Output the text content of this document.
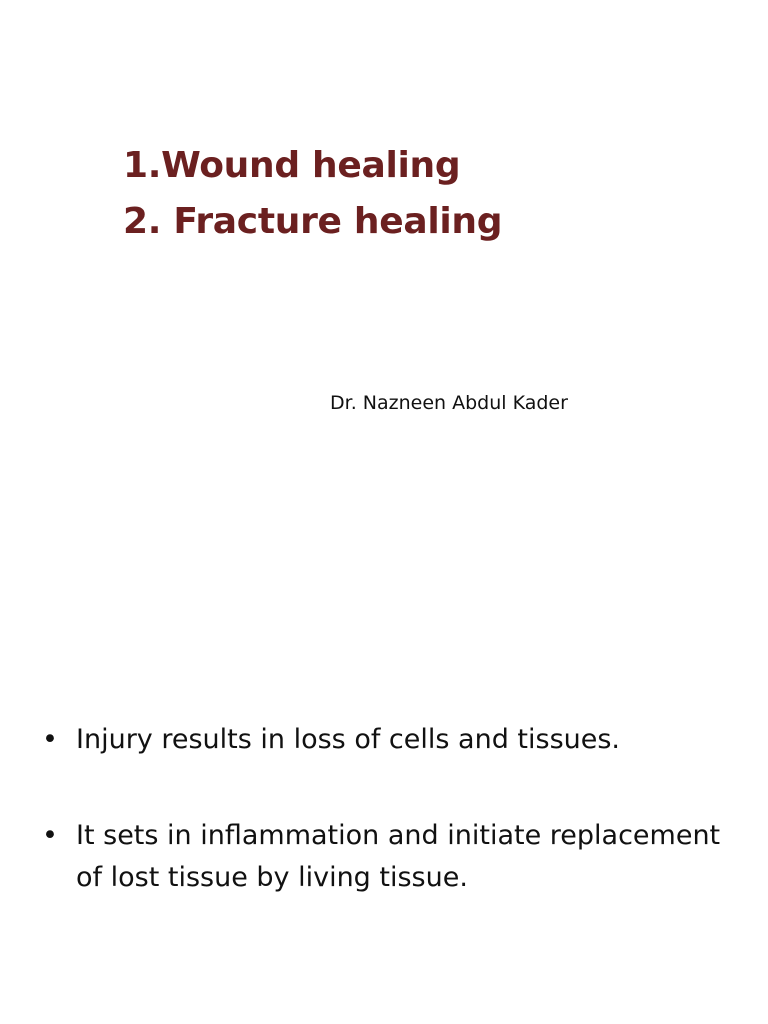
1.Wound healing
2. Fracture healing
Dr. Nazneen Abdul Kader
• Injury results in loss of cells and tissues.
• It sets in inflammation and initiate replacement of lost tissue by living tissue.
